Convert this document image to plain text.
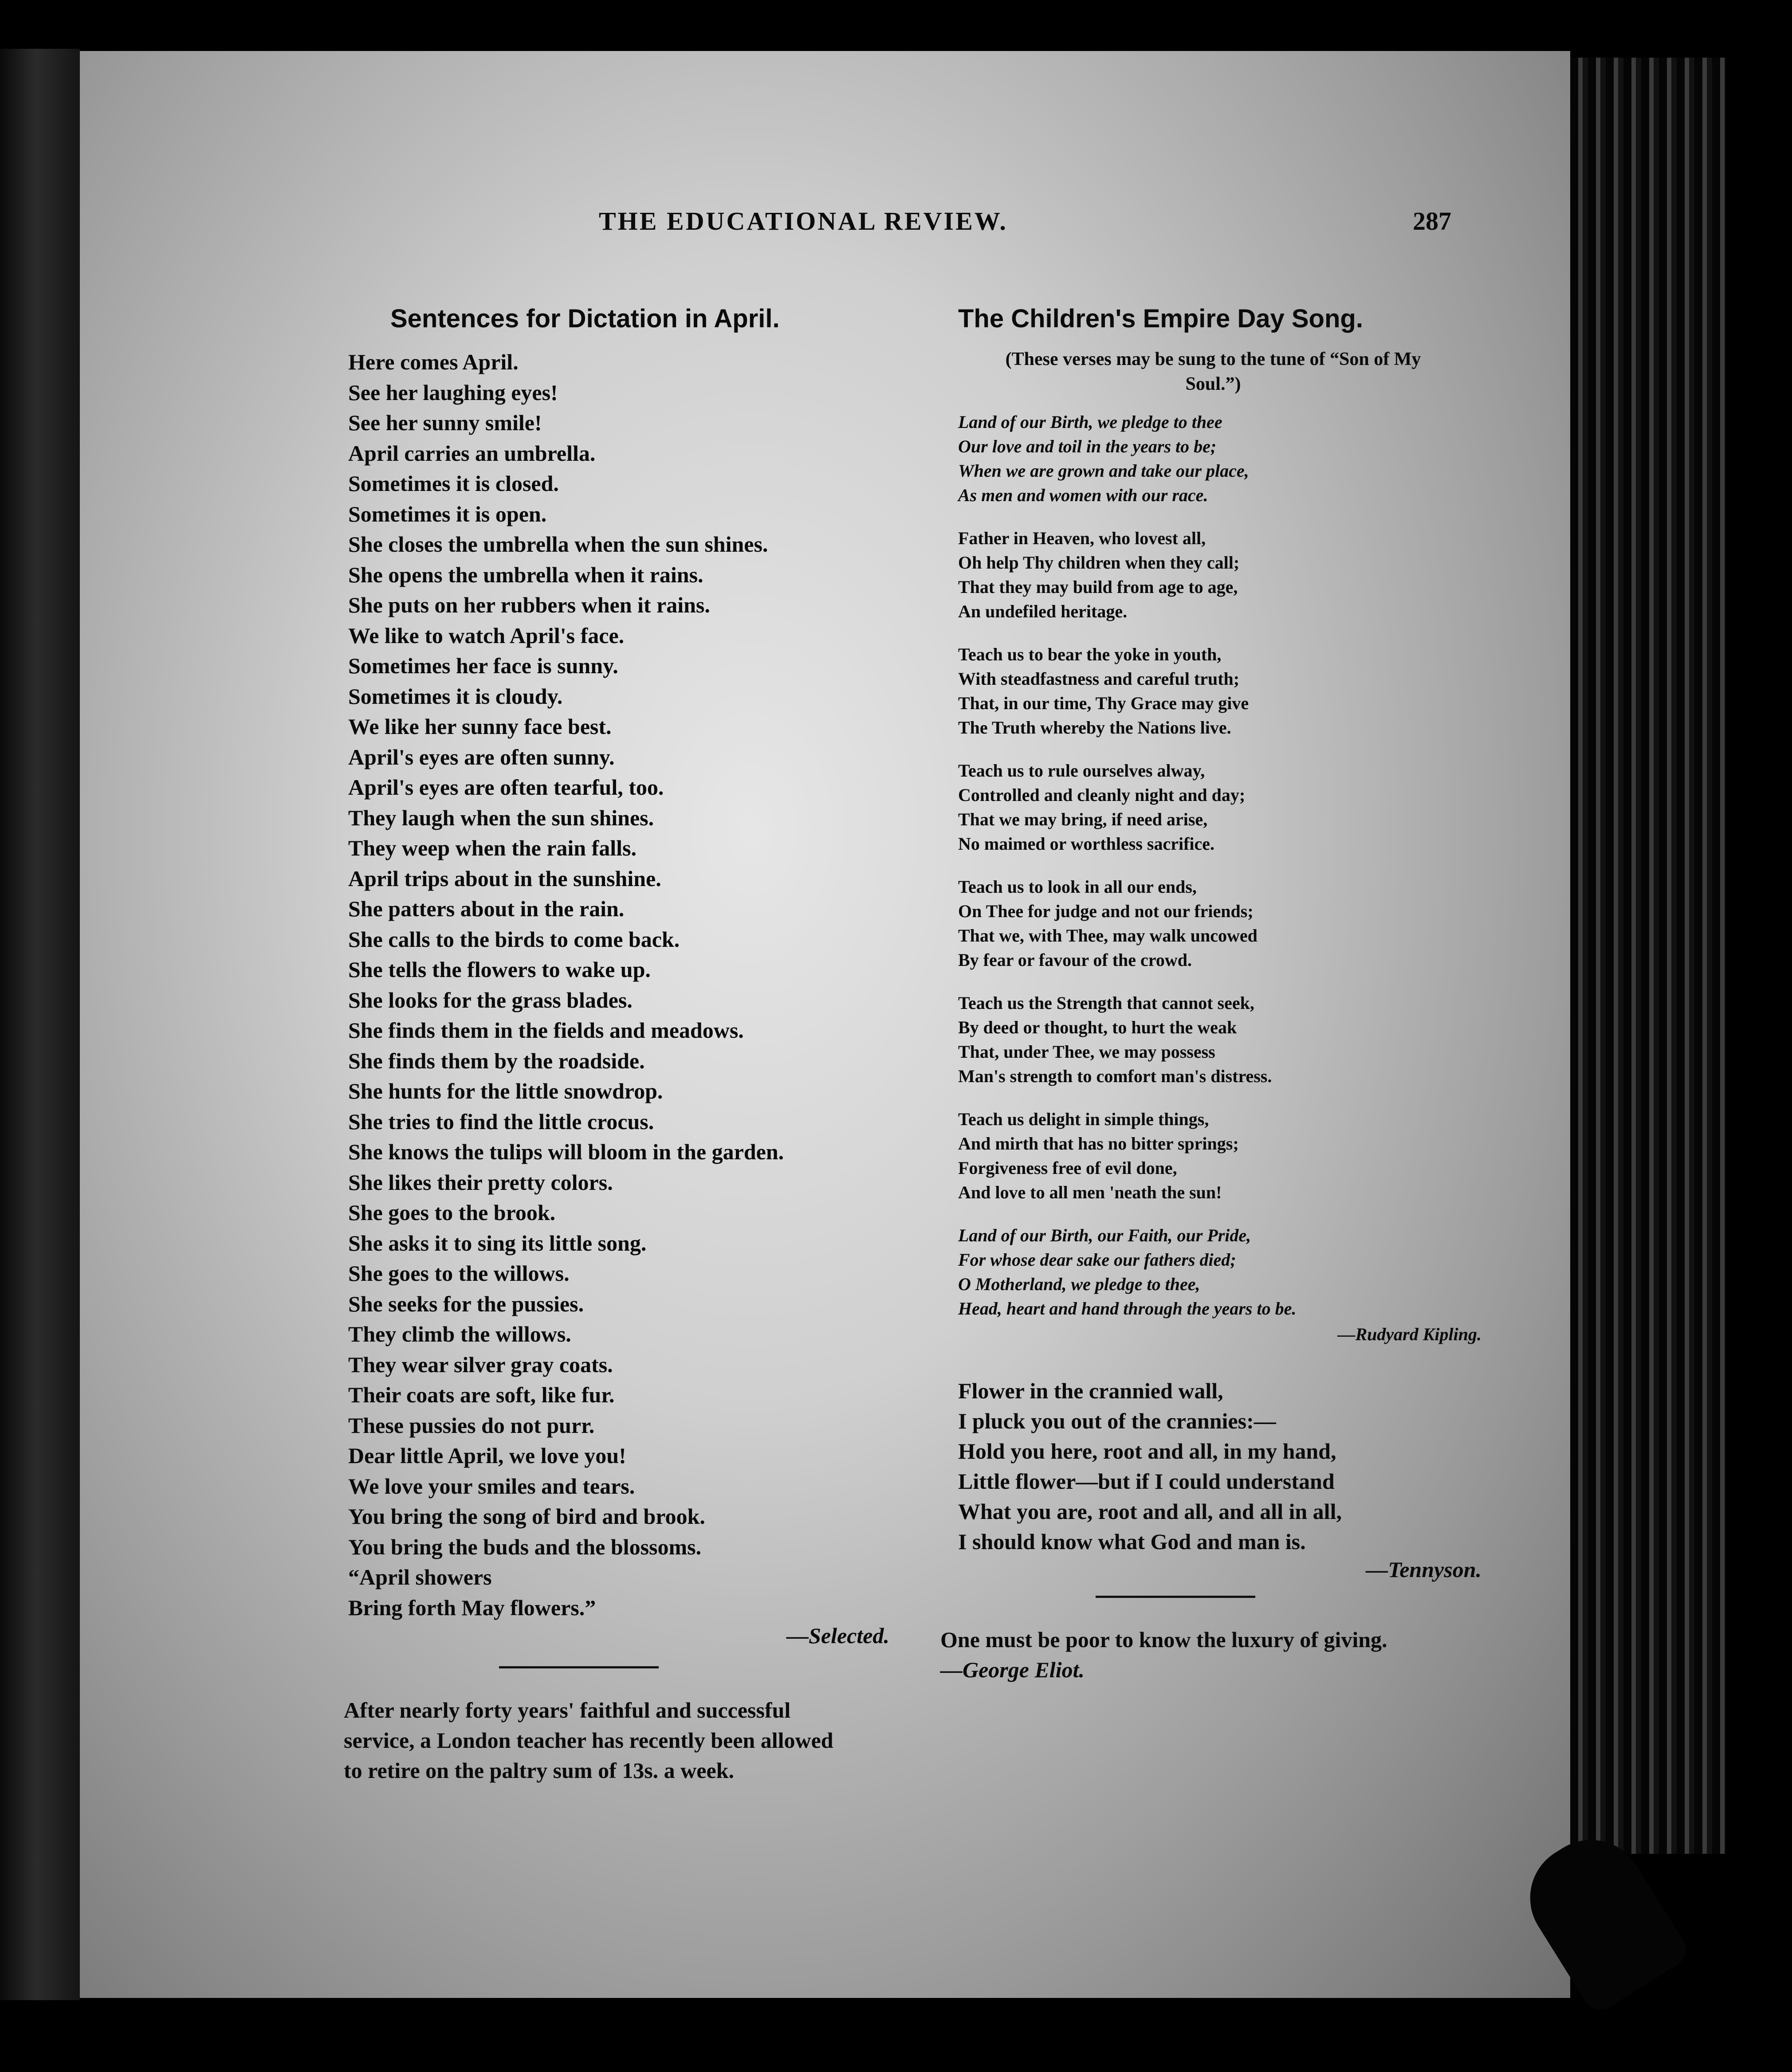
THE EDUCATIONAL REVIEW.	287
Sentences for Dictation in April.
Here comes April.
See her laughing eyes!
See her sunny smile!
April carries an umbrella.
Sometimes it is closed.
Sometimes it is open.
She closes the umbrella when the sun shines.
She opens the umbrella when it rains.
She puts on her rubbers when it rains.
We like to watch April's face.
Sometimes her face is sunny.
Sometimes it is cloudy.
We like her sunny face best.
April's eyes are often sunny.
April's eyes are often tearful, too.
They laugh when the sun shines.
They weep when the rain falls.
April trips about in the sunshine.
She patters about in the rain.
She calls to the birds to come back.
She tells the flowers to wake up.
She looks for the grass blades.
She finds them in the fields and meadows.
She finds them by the roadside.
She hunts for the little snowdrop.
She tries to find the little crocus.
She knows the tulips will bloom in the garden.
She likes their pretty colors.
She goes to the brook.
She asks it to sing its little song.
She goes to the willows.
She seeks for the pussies.
They climb the willows.
They wear silver gray coats.
Their coats are soft, like fur.
These pussies do not purr.
Dear little April, we love you!
We love your smiles and tears.
You bring the song of bird and brook.
You bring the buds and the blossoms.
“April showers
Bring forth May flowers.”
—Selected.
After nearly forty years' faithful and successful
service, a London teacher has recently been allowed
to retire on the paltry sum of 13s. a week.
The Children's Empire Day Song.
(These verses may be sung to the tune of “Son of My
Soul.”)
Land of our Birth, we pledge to thee
Our love and toil in the years to be;
When we are grown and take our place,
As men and women with our race.
Father in Heaven, who lovest all,
Oh help Thy children when they call;
That they may build from age to age,
An undefiled heritage.
Teach us to bear the yoke in youth,
With steadfastness and careful truth;
That, in our time, Thy Grace may give
The Truth whereby the Nations live.
Teach us to rule ourselves alway,
Controlled and cleanly night and day;
That we may bring, if need arise,
No maimed or worthless sacrifice.
Teach us to look in all our ends,
On Thee for judge and not our friends;
That we, with Thee, may walk uncowed
By fear or favour of the crowd.
Teach us the Strength that cannot seek,
By deed or thought, to hurt the weak
That, under Thee, we may possess
Man's strength to comfort man's distress.
Teach us delight in simple things,
And mirth that has no bitter springs;
Forgiveness free of evil done,
And love to all men 'neath the sun!
Land of our Birth, our Faith, our Pride,
For whose dear sake our fathers died;
O Motherland, we pledge to thee,
Head, heart and hand through the years to be.
—Rudyard Kipling.
Flower in the crannied wall,
I pluck you out of the crannies:—
Hold you here, root and all, in my hand,
Little flower—but if I could understand
What you are, root and all, and all in all,
I should know what God and man is.
—Tennyson.
One must be poor to know the luxury of giving.
—George Eliot.
